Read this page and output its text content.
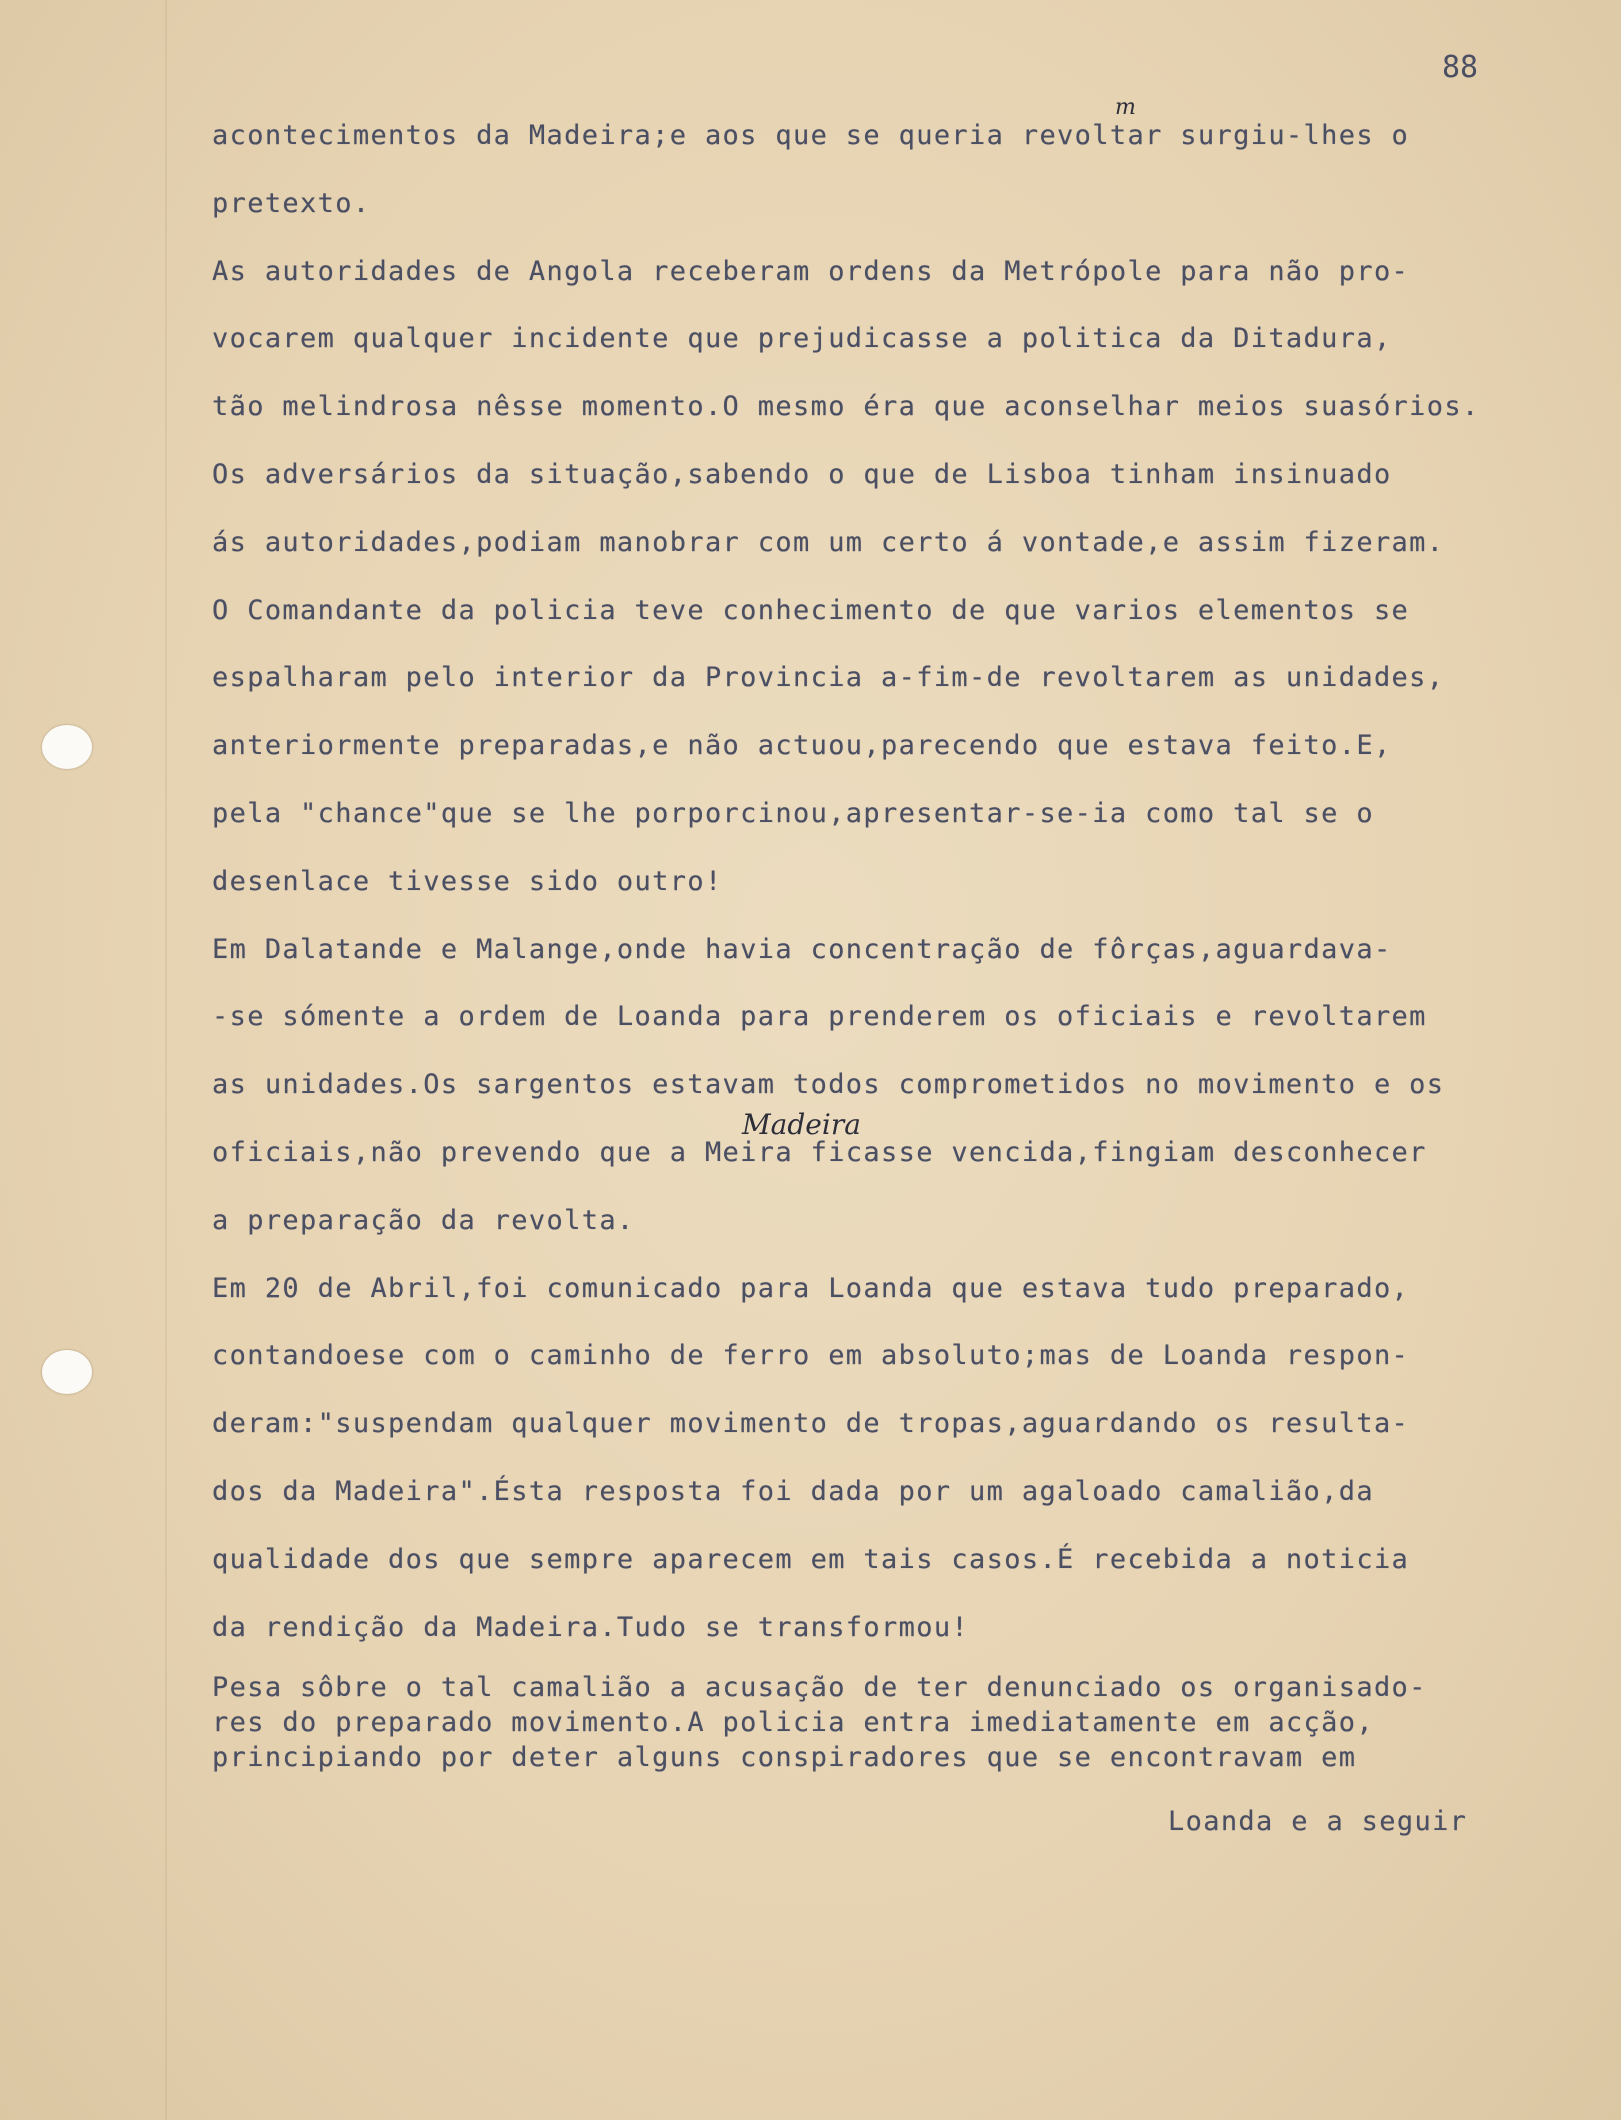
88
acontecimentos da Madeira;e aos que se queria revoltar surgiu-lhes o
pretexto.
As autoridades de Angola receberam ordens da Metrópole para não pro-
vocarem qualquer incidente que prejudicasse a politica da Ditadura,
tão melindrosa nêsse momento.O mesmo éra que aconselhar meios suasórios.
Os adversários da situação,sabendo o que de Lisboa tinham insinuado
ás autoridades,podiam manobrar com um certo á vontade,e assim fizeram.
O Comandante da policia teve conhecimento de que varios elementos se
espalharam pelo interior da Provincia a-fim-de revoltarem as unidades,
anteriormente preparadas,e não actuou,parecendo que estava feito.E,
pela "chance"que se lhe porporcinou,apresentar-se-ia como tal se o
desenlace tivesse sido outro!
Em Dalatande e Malange,onde havia concentração de fôrças,aguardava-
-se sómente a ordem de Loanda para prenderem os oficiais e revoltarem
as unidades.Os sargentos estavam todos comprometidos no movimento e os
oficiais,não prevendo que a Meira ficasse vencida,fingiam desconhecer
a preparação da revolta.
Em 20 de Abril,foi comunicado para Loanda que estava tudo preparado,
contandoese com o caminho de ferro em absoluto;mas de Loanda respon-
deram:"suspendam qualquer movimento de tropas,aguardando os resulta-
dos da Madeira".Ésta resposta foi dada por um agaloado camalião,da
qualidade dos que sempre aparecem em tais casos.É recebida a noticia
da rendição da Madeira.Tudo se transformou!
Pesa sôbre o tal camalião a acusação de ter denunciado os organisado-
res do preparado movimento.A policia entra imediatamente em acção,
principiando por deter alguns conspiradores que se encontravam em
Loanda e a seguir
m
Madeira
